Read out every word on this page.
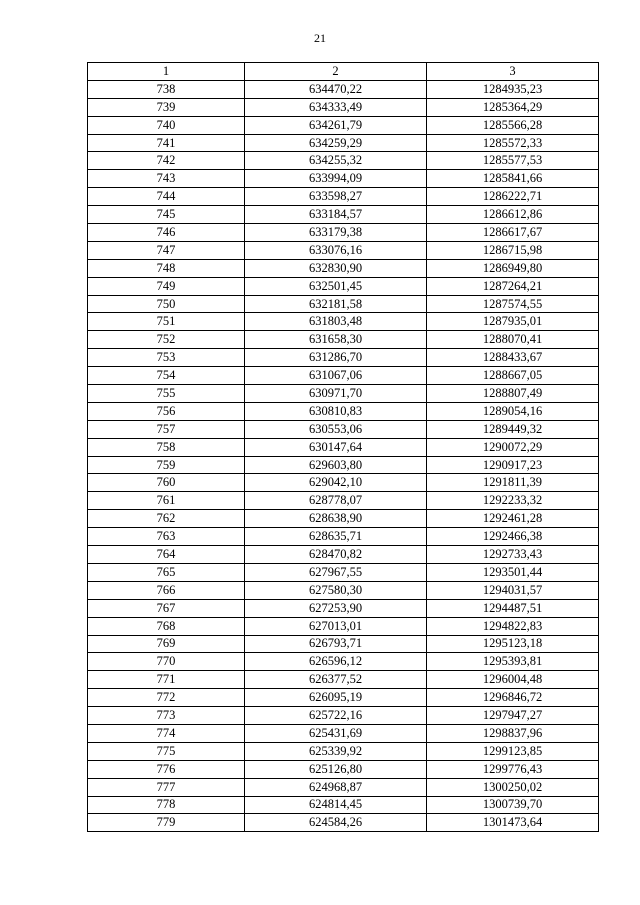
21
1	2	3
738	634470,22	1284935,23
739	634333,49	1285364,29
740	634261,79	1285566,28
741	634259,29	1285572,33
742	634255,32	1285577,53
743	633994,09	1285841,66
744	633598,27	1286222,71
745	633184,57	1286612,86
746	633179,38	1286617,67
747	633076,16	1286715,98
748	632830,90	1286949,80
749	632501,45	1287264,21
750	632181,58	1287574,55
751	631803,48	1287935,01
752	631658,30	1288070,41
753	631286,70	1288433,67
754	631067,06	1288667,05
755	630971,70	1288807,49
756	630810,83	1289054,16
757	630553,06	1289449,32
758	630147,64	1290072,29
759	629603,80	1290917,23
760	629042,10	1291811,39
761	628778,07	1292233,32
762	628638,90	1292461,28
763	628635,71	1292466,38
764	628470,82	1292733,43
765	627967,55	1293501,44
766	627580,30	1294031,57
767	627253,90	1294487,51
768	627013,01	1294822,83
769	626793,71	1295123,18
770	626596,12	1295393,81
771	626377,52	1296004,48
772	626095,19	1296846,72
773	625722,16	1297947,27
774	625431,69	1298837,96
775	625339,92	1299123,85
776	625126,80	1299776,43
777	624968,87	1300250,02
778	624814,45	1300739,70
779	624584,26	1301473,64
